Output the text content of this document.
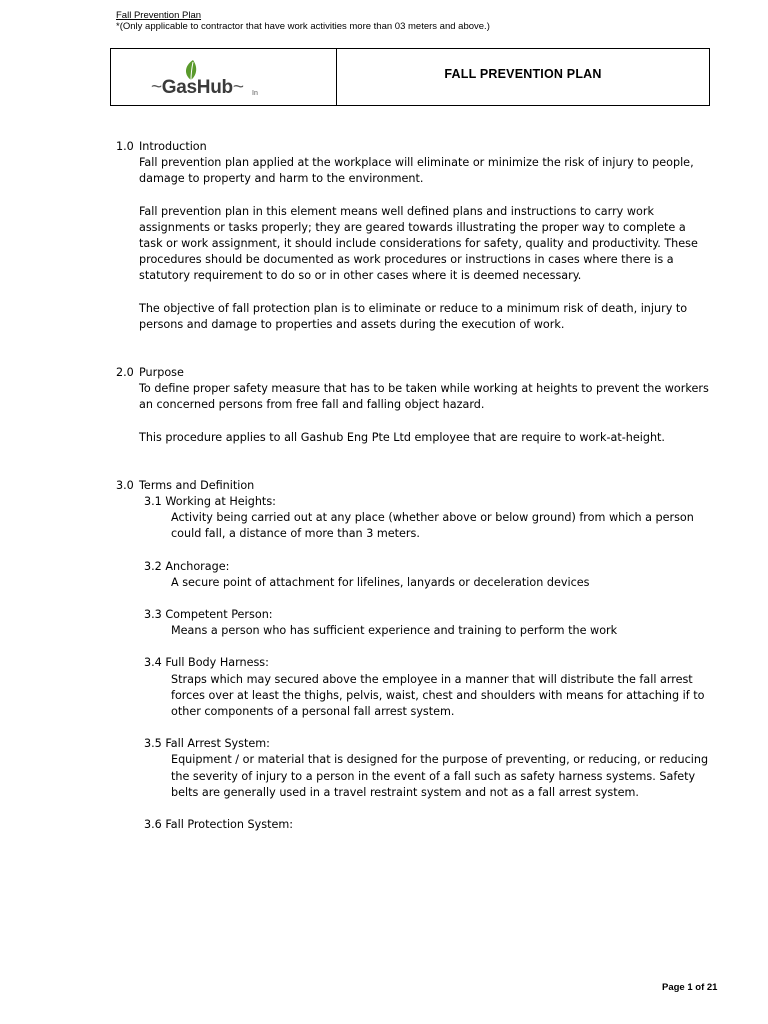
Fall Prevention Plan
*(Only applicable to contractor that have work activities more than 03 meters and above.)
~GasHub~ In
FALL PREVENTION PLAN
1.0 Introduction

Fall prevention plan applied at the workplace will eliminate or minimize the risk of injury to people, damage to property and harm to the environment.

Fall prevention plan in this element means well defined plans and instructions to carry work assignments or tasks properly; they are geared towards illustrating the proper way to complete a task or work assignment, it should include considerations for safety, quality and productivity. These procedures should be documented as work procedures or instructions in cases where there is a statutory requirement to do so or in other cases where it is deemed necessary.

The objective of fall protection plan is to eliminate or reduce to a minimum risk of death, injury to persons and damage to properties and assets during the execution of work.

2.0 Purpose

To define proper safety measure that has to be taken while working at heights to prevent the workers an concerned persons from free fall and falling object hazard.

This procedure applies to all Gashub Eng Pte Ltd employee that are require to work-at-height.

3.0 Terms and Definition
3.1 Working at Heights:
Activity being carried out at any place (whether above or below ground) from which a person could fall, a distance of more than 3 meters.
3.2 Anchorage:
A secure point of attachment for lifelines, lanyards or deceleration devices
3.3 Competent Person:
Means a person who has sufficient experience and training to perform the work
3.4 Full Body Harness:
Straps which may secured above the employee in a manner that will distribute the fall arrest forces over at least the thighs, pelvis, waist, chest and shoulders with means for attaching if to other components of a personal fall arrest system.
3.5 Fall Arrest System:
Equipment / or material that is designed for the purpose of preventing, or reducing, or reducing the severity of injury to a person in the event of a fall such as safety harness systems. Safety belts are generally used in a travel restraint system and not as a fall arrest system.
3.6 Fall Protection System:
Page 1 of 21
